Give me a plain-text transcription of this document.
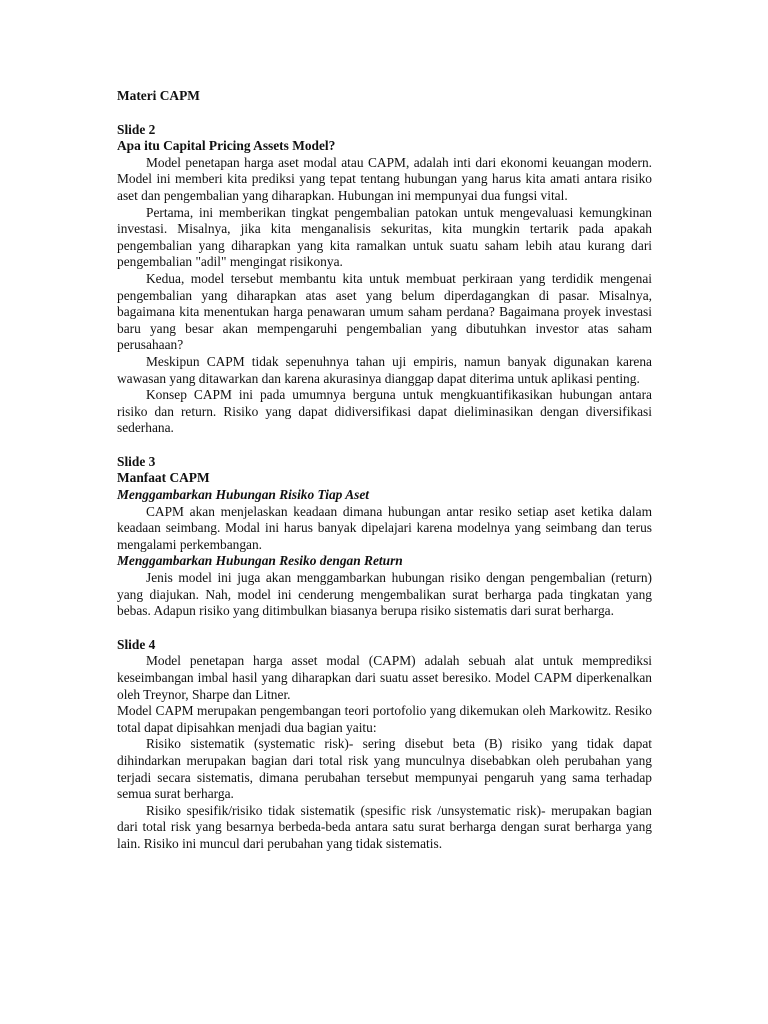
Materi CAPM
Slide 2
Apa itu Capital Pricing Assets Model?

Model penetapan harga aset modal atau CAPM, adalah inti dari ekonomi keuangan modern. Model ini memberi kita prediksi yang tepat tentang hubungan yang harus kita amati antara risiko aset dan pengembalian yang diharapkan. Hubungan ini mempunyai dua fungsi vital.

Pertama, ini memberikan tingkat pengembalian patokan untuk mengevaluasi kemungkinan investasi. Misalnya, jika kita menganalisis sekuritas, kita mungkin tertarik pada apakah pengembalian yang diharapkan yang kita ramalkan untuk suatu saham lebih atau kurang dari pengembalian "adil" mengingat risikonya.

Kedua, model tersebut membantu kita untuk membuat perkiraan yang terdidik mengenai pengembalian yang diharapkan atas aset yang belum diperdagangkan di pasar. Misalnya, bagaimana kita menentukan harga penawaran umum saham perdana? Bagaimana proyek investasi baru yang besar akan mempengaruhi pengembalian yang dibutuhkan investor atas saham perusahaan?

Meskipun CAPM tidak sepenuhnya tahan uji empiris, namun banyak digunakan karena wawasan yang ditawarkan dan karena akurasinya dianggap dapat diterima untuk aplikasi penting.

Konsep CAPM ini pada umumnya berguna untuk mengkuantifikasikan hubungan antara risiko dan return. Risiko yang dapat didiversifikasi dapat dieliminasikan dengan diversifikasi sederhana.

Slide 3
Manfaat CAPM
Menggambarkan Hubungan Risiko Tiap Aset

CAPM akan menjelaskan keadaan dimana hubungan antar resiko setiap aset ketika dalam keadaan seimbang. Modal ini harus banyak dipelajari karena modelnya yang seimbang dan terus mengalami perkembangan.

Menggambarkan Hubungan Resiko dengan Return

Jenis model ini juga akan menggambarkan hubungan risiko dengan pengembalian (return) yang diajukan. Nah, model ini cenderung mengembalikan surat berharga pada tingkatan yang bebas. Adapun risiko yang ditimbulkan biasanya berupa risiko sistematis dari surat berharga.

Slide 4

Model penetapan harga asset modal (CAPM) adalah sebuah alat untuk memprediksi keseimbangan imbal hasil yang diharapkan dari suatu asset beresiko. Model CAPM diperkenalkan oleh Treynor, Sharpe dan Litner.

Model CAPM merupakan pengembangan teori portofolio yang dikemukan oleh Markowitz. Resiko total dapat dipisahkan menjadi dua bagian yaitu:

Risiko sistematik (systematic risk)- sering disebut beta (B) risiko yang tidak dapat dihindarkan merupakan bagian dari total risk yang munculnya disebabkan oleh perubahan yang terjadi secara sistematis, dimana perubahan tersebut mempunyai pengaruh yang sama terhadap semua surat berharga.

Risiko spesifik/risiko tidak sistematik (spesific risk /unsystematic risk)- merupakan bagian dari total risk yang besarnya berbeda-beda antara satu surat berharga dengan surat berharga yang lain. Risiko ini muncul dari perubahan yang tidak sistematis.
